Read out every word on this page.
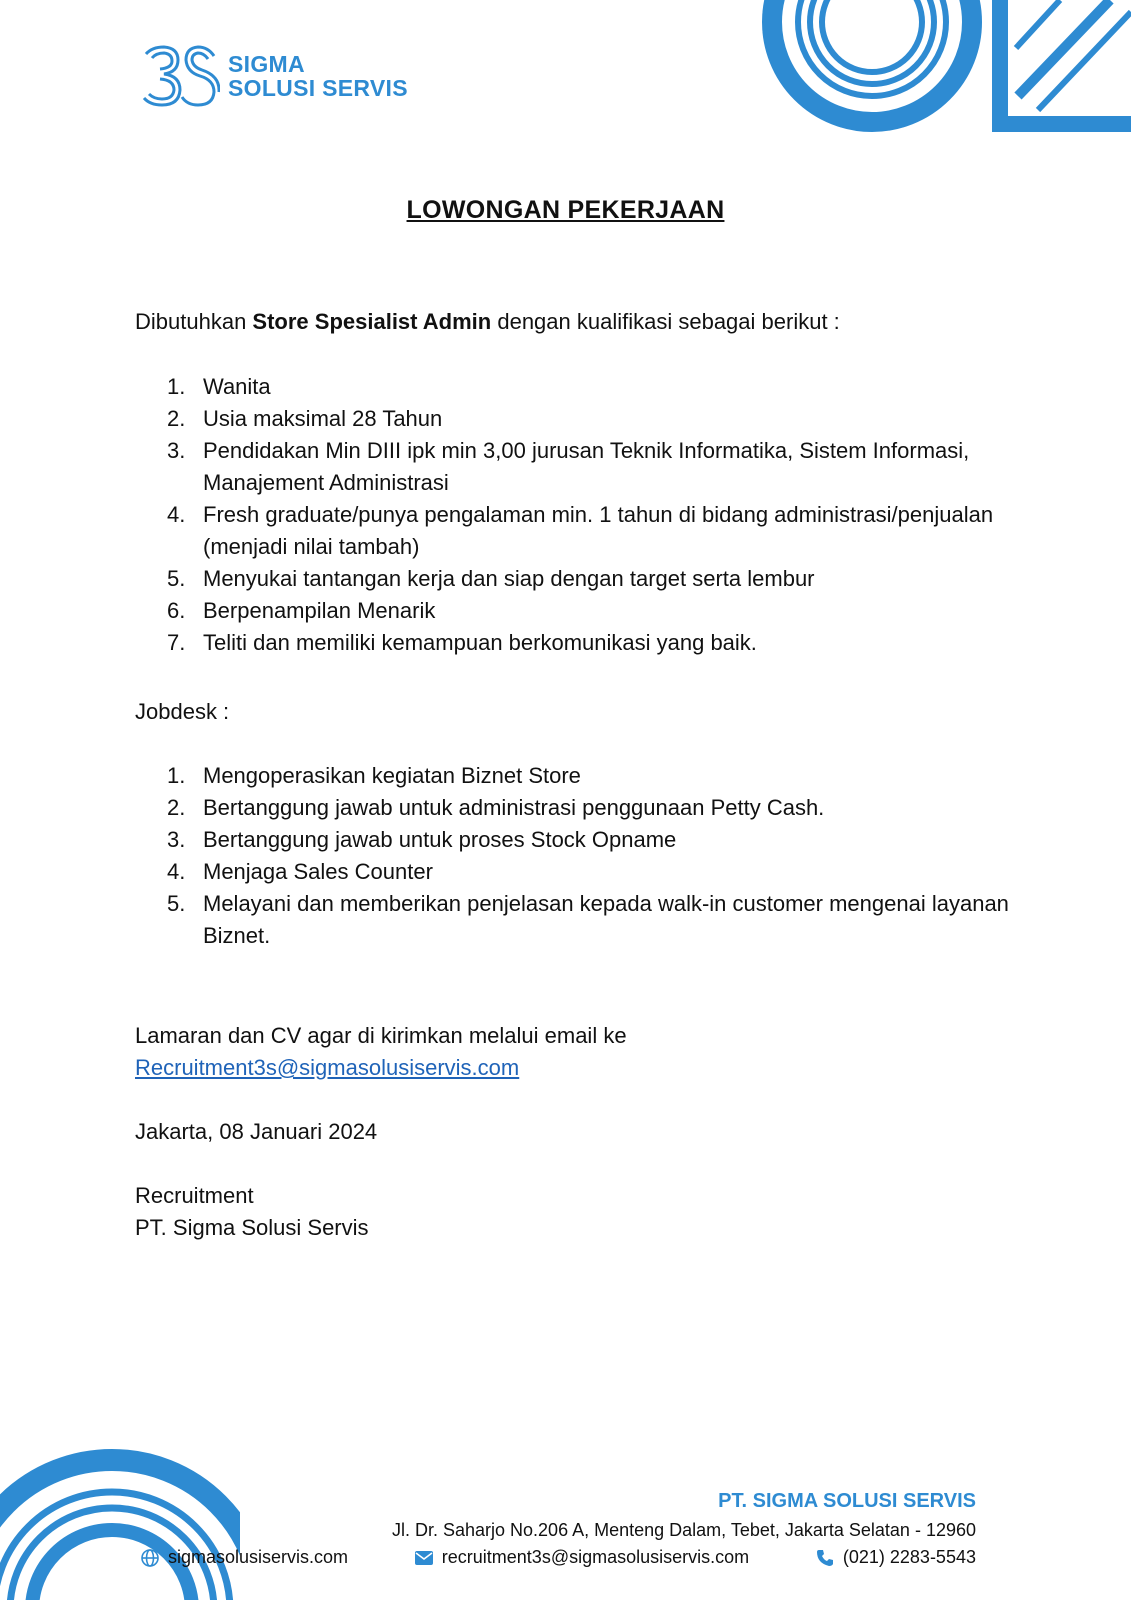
SIGMA
SOLUSI SERVIS
LOWONGAN PEKERJAAN
Dibutuhkan Store Spesialist Admin dengan kualifikasi sebagai berikut :
1. Wanita
2. Usia maksimal 28 Tahun
3. Pendidakan Min DIII ipk min 3,00 jurusan Teknik Informatika, Sistem Informasi, Manajement Administrasi
4. Fresh graduate/punya pengalaman min. 1 tahun di bidang administrasi/penjualan (menjadi nilai tambah)
5. Menyukai tantangan kerja dan siap dengan target serta lembur
6. Berpenampilan Menarik
7. Teliti dan memiliki kemampuan berkomunikasi yang baik.
Jobdesk :
1. Mengoperasikan kegiatan Biznet Store
2. Bertanggung jawab untuk administrasi penggunaan Petty Cash.
3. Bertanggung jawab untuk proses Stock Opname
4. Menjaga Sales Counter
5. Melayani dan memberikan penjelasan kepada walk-in customer mengenai layanan Biznet.
Lamaran dan CV agar di kirimkan melalui email ke
Recruitment3s@sigmasolusiservis.com
Jakarta, 08 Januari 2024
Recruitment
PT. Sigma Solusi Servis
PT. SIGMA SOLUSI SERVIS
Jl. Dr. Saharjo No.206 A, Menteng Dalam, Tebet, Jakarta Selatan - 12960
sigmasolusiservis.com	recruitment3s@sigmasolusiservis.com	(021) 2283-5543
